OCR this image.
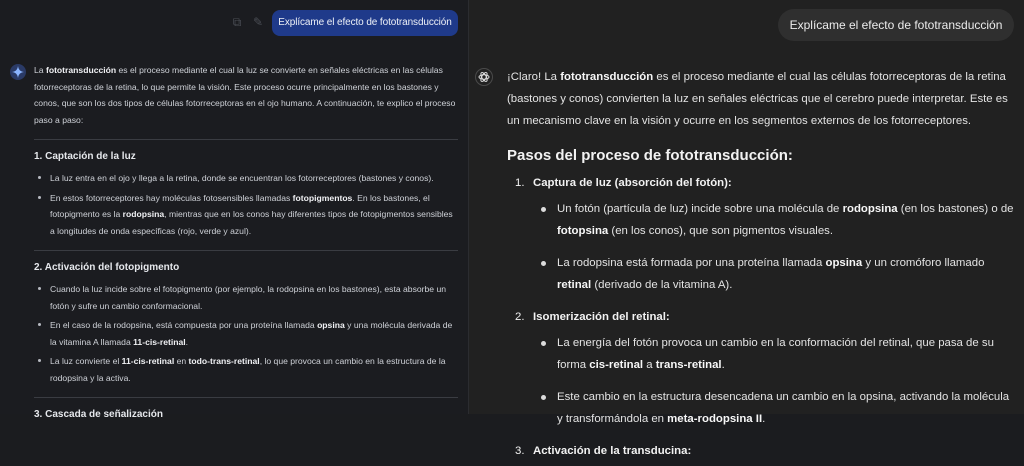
⧉ ✎	Explícame el efecto de fototransducción

La fototransducción es el proceso mediante el cual la luz se convierte en señales eléctricas en las células fotorreceptoras de la retina, lo que permite la visión. Este proceso ocurre principalmente en los bastones y conos, que son los dos tipos de células fotorreceptoras en el ojo humano. A continuación, te explico el proceso paso a paso:

1. Captación de la luz
La luz entra en el ojo y llega a la retina, donde se encuentran los fotorreceptores (bastones y conos).
En estos fotorreceptores hay moléculas fotosensibles llamadas fotopigmentos. En los bastones, el fotopigmento es la rodopsina, mientras que en los conos hay diferentes tipos de fotopigmentos sensibles a longitudes de onda específicas (rojo, verde y azul).
2. Activación del fotopigmento
Cuando la luz incide sobre el fotopigmento (por ejemplo, la rodopsina en los bastones), esta absorbe un fotón y sufre un cambio conformacional.
En el caso de la rodopsina, está compuesta por una proteína llamada opsina y una molécula derivada de la vitamina A llamada 11-cis-retinal.
La luz convierte el 11-cis-retinal en todo-trans-retinal, lo que provoca un cambio en la estructura de la rodopsina y la activa.
3. Cascada de señalización
Explícame el efecto de fototransducción

¡Claro! La fototransducción es el proceso mediante el cual las células fotorreceptoras de la retina (bastones y conos) convierten la luz en señales eléctricas que el cerebro puede interpretar. Este es un mecanismo clave en la visión y ocurre en los segmentos externos de los fotorreceptores.

Pasos del proceso de fototransducción:
1. Captura de luz (absorción del fotón):
Un fotón (partícula de luz) incide sobre una molécula de rodopsina (en los bastones) o de fotopsina (en los conos), que son pigmentos visuales.
La rodopsina está formada por una proteína llamada opsina y un cromóforo llamado retinal (derivado de la vitamina A).
2. Isomerización del retinal:
La energía del fotón provoca un cambio en la conformación del retinal, que pasa de su forma cis-retinal a trans-retinal.
Este cambio en la estructura desencadena un cambio en la opsina, activando la molécula y transformándola en meta-rodopsina II.
3. Activación de la transducina:
